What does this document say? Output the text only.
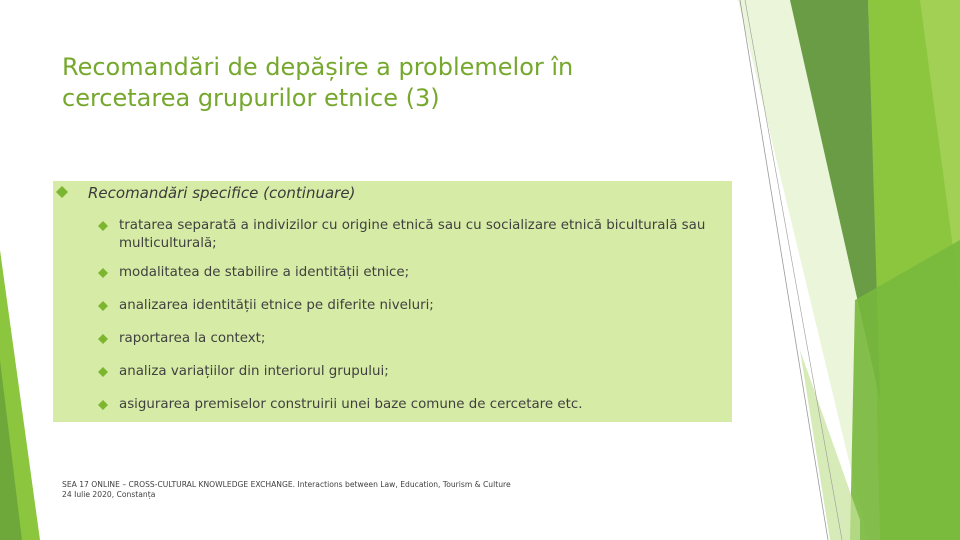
Recomandări de depășire a problemelor în cercetarea grupurilor etnice (3)
Recomandări specifice (continuare)
tratarea separată a indivizilor cu origine etnică sau cu socializare etnică biculturală sau multiculturală;
modalitatea de stabilire a identității etnice;
analizarea identității etnice pe diferite niveluri;
raportarea la context;
analiza variațiilor din interiorul grupului;
asigurarea premiselor construirii unei baze comune de cercetare etc.
SEA 17 ONLINE – CROSS-CULTURAL KNOWLEDGE EXCHANGE. Interactions between Law, Education, Tourism & Culture
24 Iulie 2020, Constanța
